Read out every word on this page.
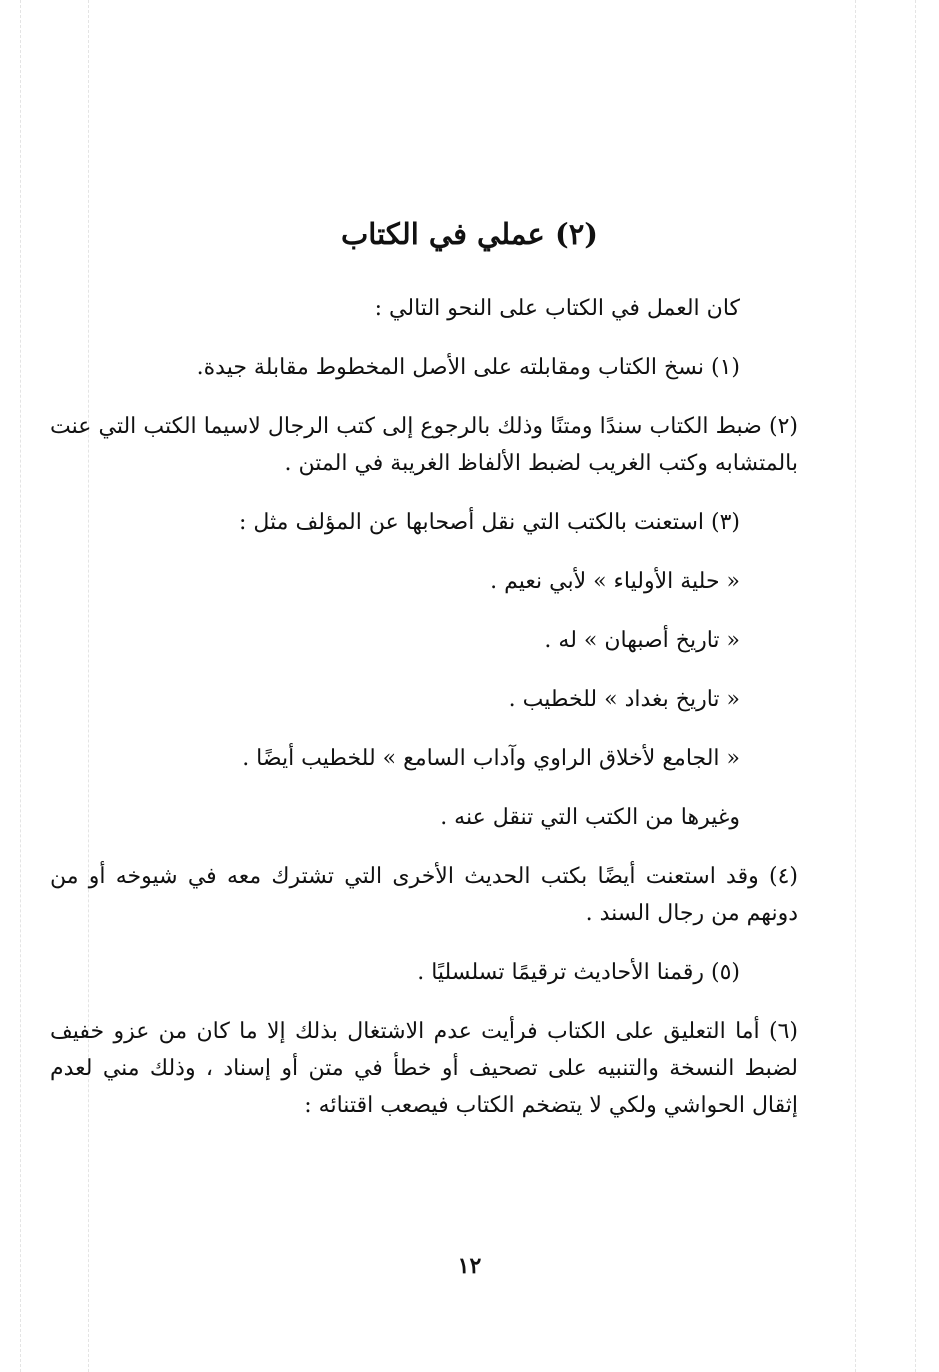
(٢) عملي في الكتاب

كان العمل في الكتاب على النحو التالي :

(١) نسخ الكتاب ومقابلته على الأصل المخطوط مقابلة جيدة.

(٢) ضبط الكتاب سندًا ومتنًا وذلك بالرجوع إلى كتب الرجال لاسيما الكتب التي عنت بالمتشابه وكتب الغريب لضبط الألفاظ الغريبة في المتن .

(٣) استعنت بالكتب التي نقل أصحابها عن المؤلف مثل :

« حلية الأولياء » لأبي نعيم .

« تاريخ أصبهان » له .

« تاريخ بغداد » للخطيب .

« الجامع لأخلاق الراوي وآداب السامع » للخطيب أيضًا .

وغيرها من الكتب التي تنقل عنه .

(٤) وقد استعنت أيضًا بكتب الحديث الأخرى التي تشترك معه في شيوخه أو من دونهم من رجال السند .

(٥) رقمنا الأحاديث ترقيمًا تسلسليًا .

(٦) أما التعليق على الكتاب فرأيت عدم الاشتغال بذلك إلا ما كان من عزو خفيف لضبط النسخة والتنبيه على تصحيف أو خطأ في متن أو إسناد ، وذلك مني لعدم إثقال الحواشي ولكي لا يتضخم الكتاب فيصعب اقتنائه :

١٢
